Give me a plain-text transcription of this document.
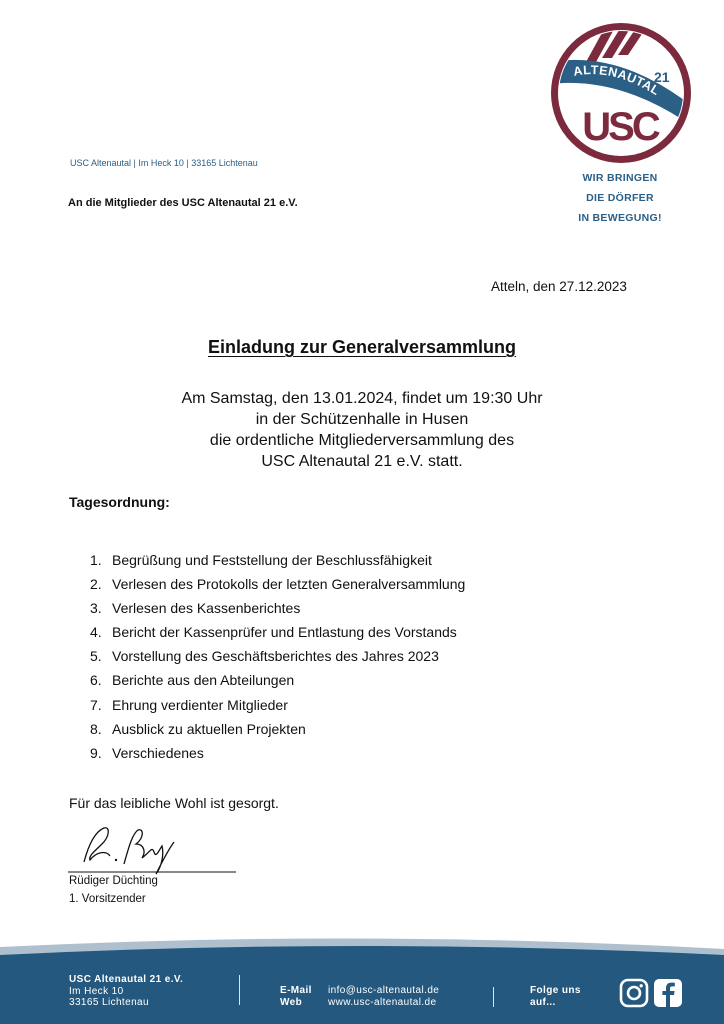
ALTENAUTAL
21
USC
WIR BRINGEN
DIE DÖRFER
IN BEWEGUNG!
USC Altenautal | Im Heck 10 | 33165 Lichtenau
An die Mitglieder des USC Altenautal 21 e.V.
Atteln, den 27.12.2023
Einladung zur Generalversammlung
Am Samstag, den 13.01.2024, findet um 19:30 Uhr
in der Schützenhalle in Husen
die ordentliche Mitgliederversammlung des
USC Altenautal 21 e.V. statt.
Tagesordnung:
1. Begrüßung und Feststellung der Beschlussfähigkeit
2. Verlesen des Protokolls der letzten Generalversammlung
3. Verlesen des Kassenberichtes
4. Bericht der Kassenprüfer und Entlastung des Vorstands
5. Vorstellung des Geschäftsberichtes des Jahres 2023
6. Berichte aus den Abteilungen
7. Ehrung verdienter Mitglieder
8. Ausblick zu aktuellen Projekten
9. Verschiedenes
Für das leibliche Wohl ist gesorgt.
Rüdiger Düchting
1. Vorsitzender
USC Altenautal 21 e.V.
Im Heck 10
33165 Lichtenau
E-Mail info@usc-altenautal.de
Web	www.usc-altenautal.de
Folge uns
auf...
